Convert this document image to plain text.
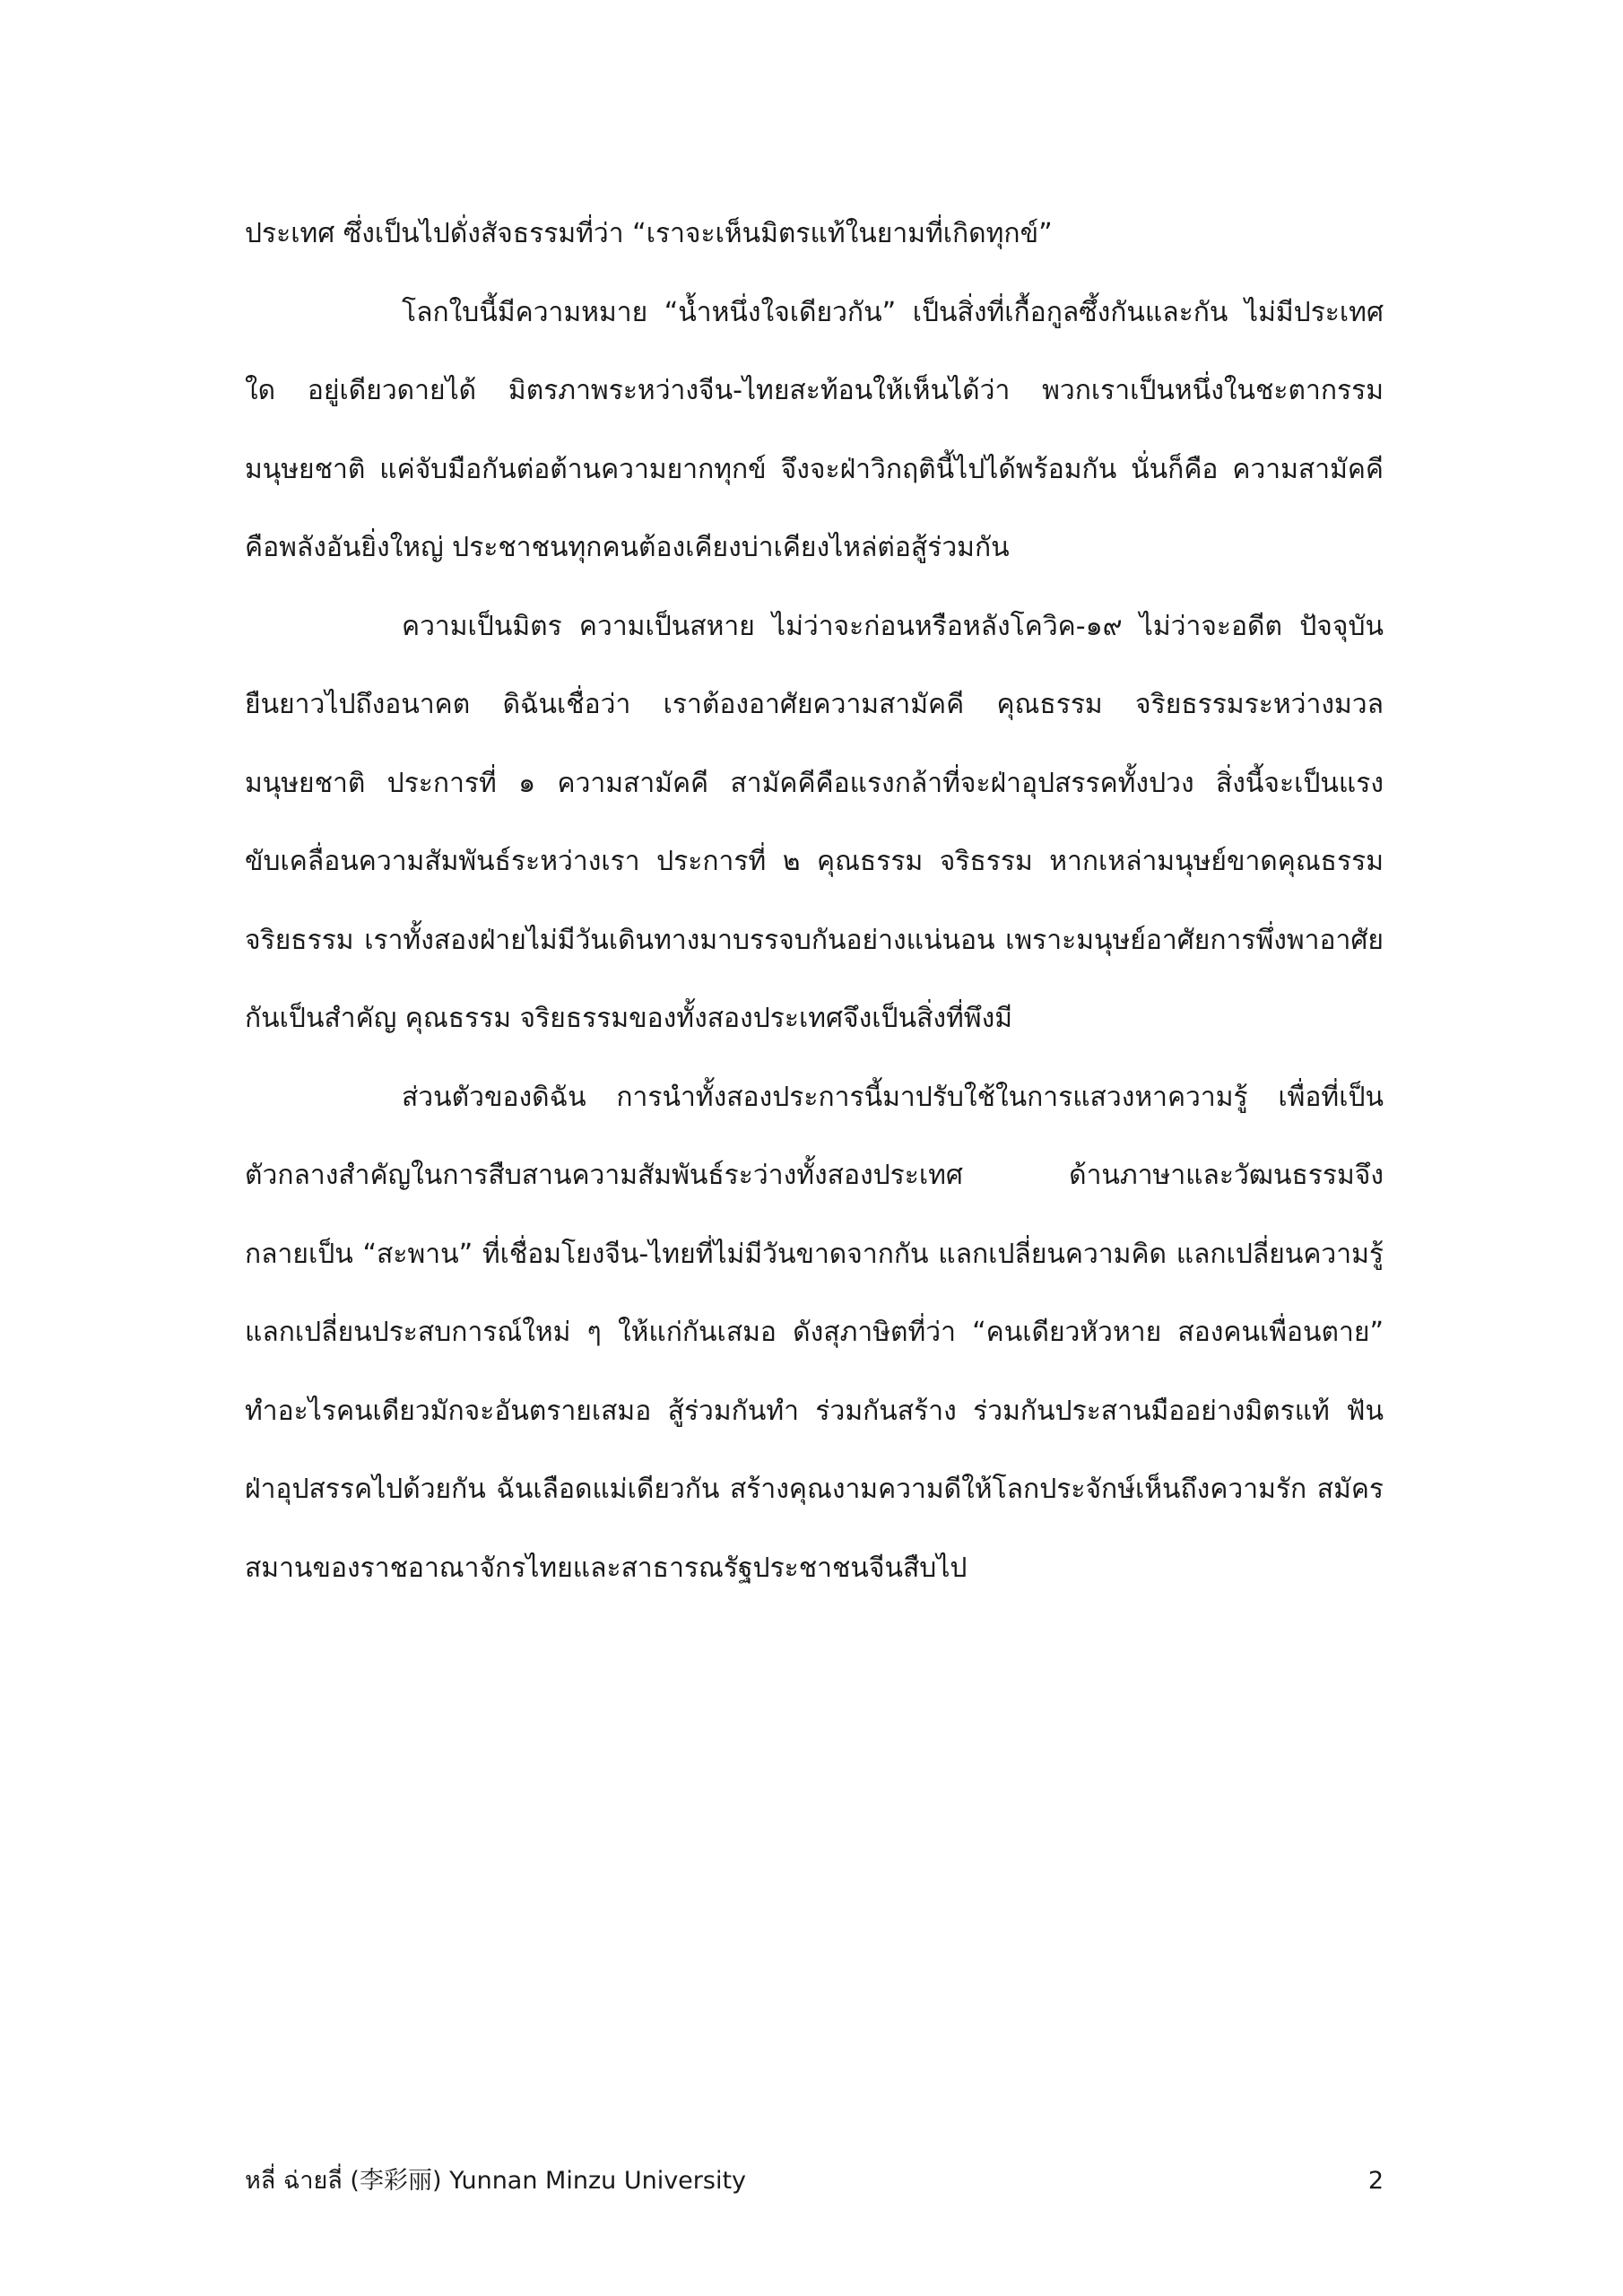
ประเทศ ซึ่งเป็นไปดั่งสัจธรรมที่ว่า “เราจะเห็นมิตรแท้ในยามที่เกิดทุกข์”
โลกใบนี้มีความหมาย “น้ำหนึ่งใจเดียวกัน” เป็นสิ่งที่เกื้อกูลซึ้งกันและกัน ไม่มีประเทศ
ใด อยู่เดียวดายได้ มิตรภาพระหว่างจีน-ไทยสะท้อนให้เห็นได้ว่า พวกเราเป็นหนึ่งในชะตากรรม
มนุษยชาติ แค่จับมือกันต่อต้านความยากทุกข์ จึงจะฝ่าวิกฤตินี้ไปได้พร้อมกัน นั่นก็คือ ความสามัคคี
คือพลังอันยิ่งใหญ่ ประชาชนทุกคนต้องเคียงบ่าเคียงไหล่ต่อสู้ร่วมกัน
ความเป็นมิตร ความเป็นสหาย ไม่ว่าจะก่อนหรือหลังโควิค-๑๙ ไม่ว่าจะอดีต ปัจจุบัน
ยืนยาวไปถึงอนาคต ดิฉันเชื่อว่า เราต้องอาศัยความสามัคคี คุณธรรม จริยธรรมระหว่างมวล
มนุษยชาติ ประการที่ ๑ ความสามัคคี สามัคคีคือแรงกล้าที่จะฝ่าอุปสรรคทั้งปวง สิ่งนี้จะเป็นแรง
ขับเคลื่อนความสัมพันธ์ระหว่างเรา ประการที่ ๒ คุณธรรม จริธรรม หากเหล่ามนุษย์ขาดคุณธรรม
จริยธรรม เราทั้งสองฝ่ายไม่มีวันเดินทางมาบรรจบกันอย่างแน่นอน เพราะมนุษย์อาศัยการพึ่งพาอาศัย
กันเป็นสำคัญ คุณธรรม จริยธรรมของทั้งสองประเทศจึงเป็นสิ่งที่พึงมี
ส่วนตัวของดิฉัน การนำทั้งสองประการนี้มาปรับใช้ในการแสวงหาความรู้ เพื่อที่เป็น
ตัวกลางสำคัญในการสืบสานความสัมพันธ์ระว่างทั้งสองประเทศ ด้านภาษาและวัฒนธรรมจึง
กลายเป็น “สะพาน” ที่เชื่อมโยงจีน-ไทยที่ไม่มีวันขาดจากกัน แลกเปลี่ยนความคิด แลกเปลี่ยนความรู้
แลกเปลี่ยนประสบการณ์ใหม่ ๆ ให้แก่กันเสมอ ดังสุภาษิตที่ว่า “คนเดียวหัวหาย สองคนเพื่อนตาย”
ทำอะไรคนเดียวมักจะอันตรายเสมอ สู้ร่วมกันทำ ร่วมกันสร้าง ร่วมกันประสานมืออย่างมิตรแท้ ฟัน
ฝ่าอุปสรรคไปด้วยกัน ฉันเลือดแม่เดียวกัน สร้างคุณงามความดีให้โลกประจักษ์เห็นถึงความรัก สมัคร
สมานของราชอาณาจักรไทยและสาธารณรัฐประชาชนจีนสืบไป
หลี่ ฉ่ายลี่ (李彩丽) Yunnan Minzu University	2
